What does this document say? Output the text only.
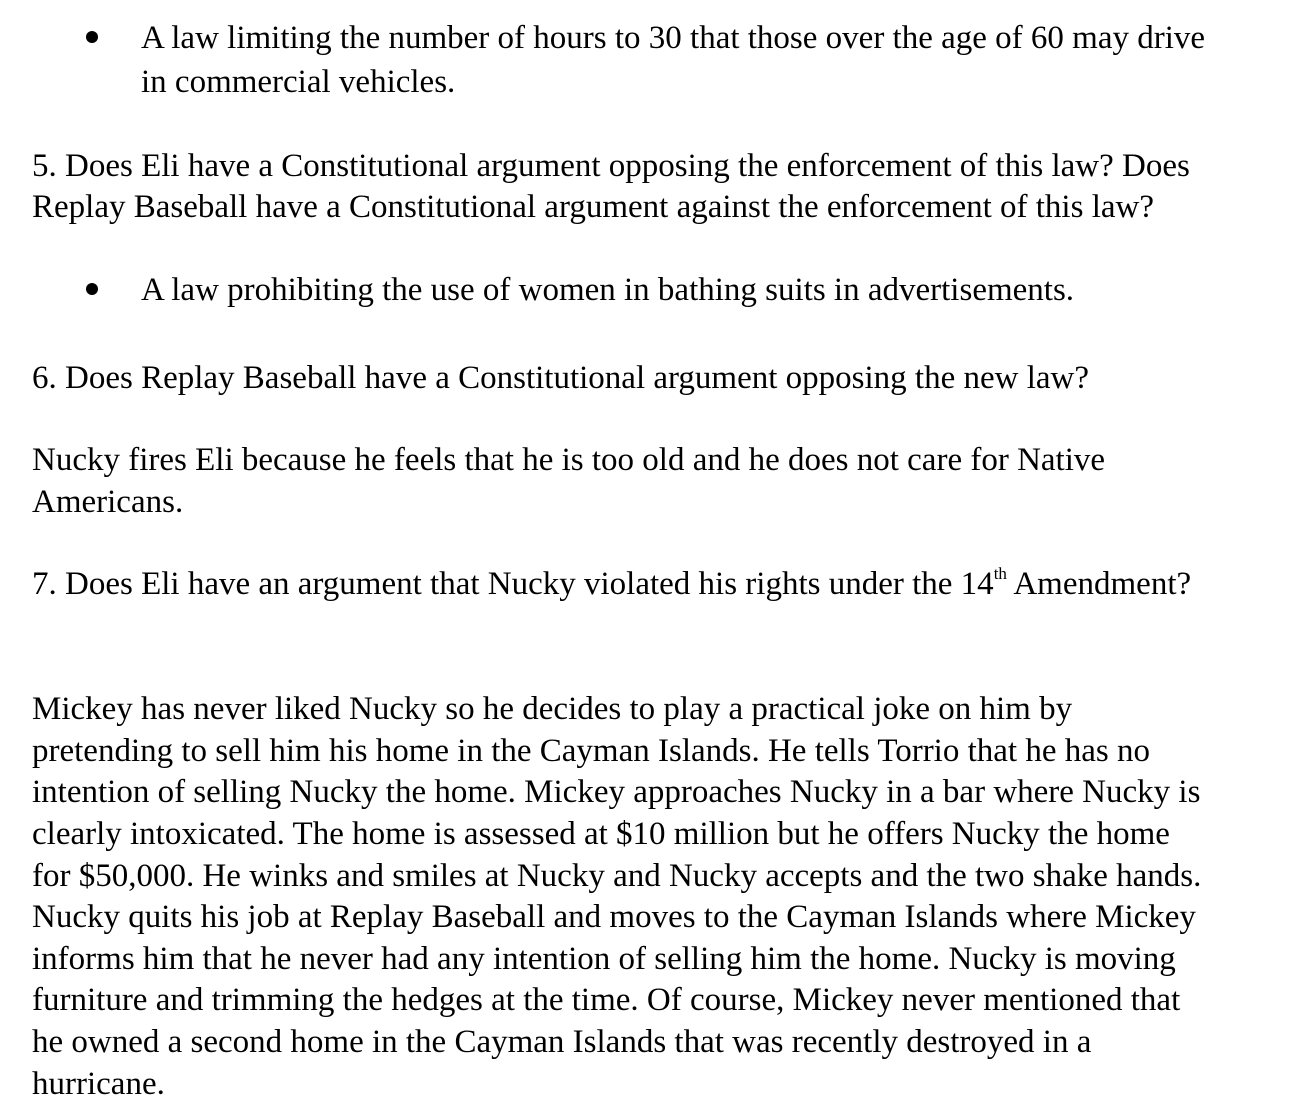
A law limiting the number of hours to 30 that those over the age of 60 may drive
in commercial vehicles.

5. Does Eli have a Constitutional argument opposing the enforcement of this law? Does

Replay Baseball have a Constitutional argument against the enforcement of this law?

A law prohibiting the use of women in bathing suits in advertisements.

6. Does Replay Baseball have a Constitutional argument opposing the new law?

Nucky fires Eli because he feels that he is too old and he does not care for Native

Americans.

7. Does Eli have an argument that Nucky violated his rights under the 14th Amendment?

Mickey has never liked Nucky so he decides to play a practical joke on him by

pretending to sell him his home in the Cayman Islands. He tells Torrio that he has no

intention of selling Nucky the home. Mickey approaches Nucky in a bar where Nucky is

clearly intoxicated. The home is assessed at $10 million but he offers Nucky the home

for $50,000. He winks and smiles at Nucky and Nucky accepts and the two shake hands.

Nucky quits his job at Replay Baseball and moves to the Cayman Islands where Mickey

informs him that he never had any intention of selling him the home. Nucky is moving

furniture and trimming the hedges at the time. Of course, Mickey never mentioned that

he owned a second home in the Cayman Islands that was recently destroyed in a

hurricane.
